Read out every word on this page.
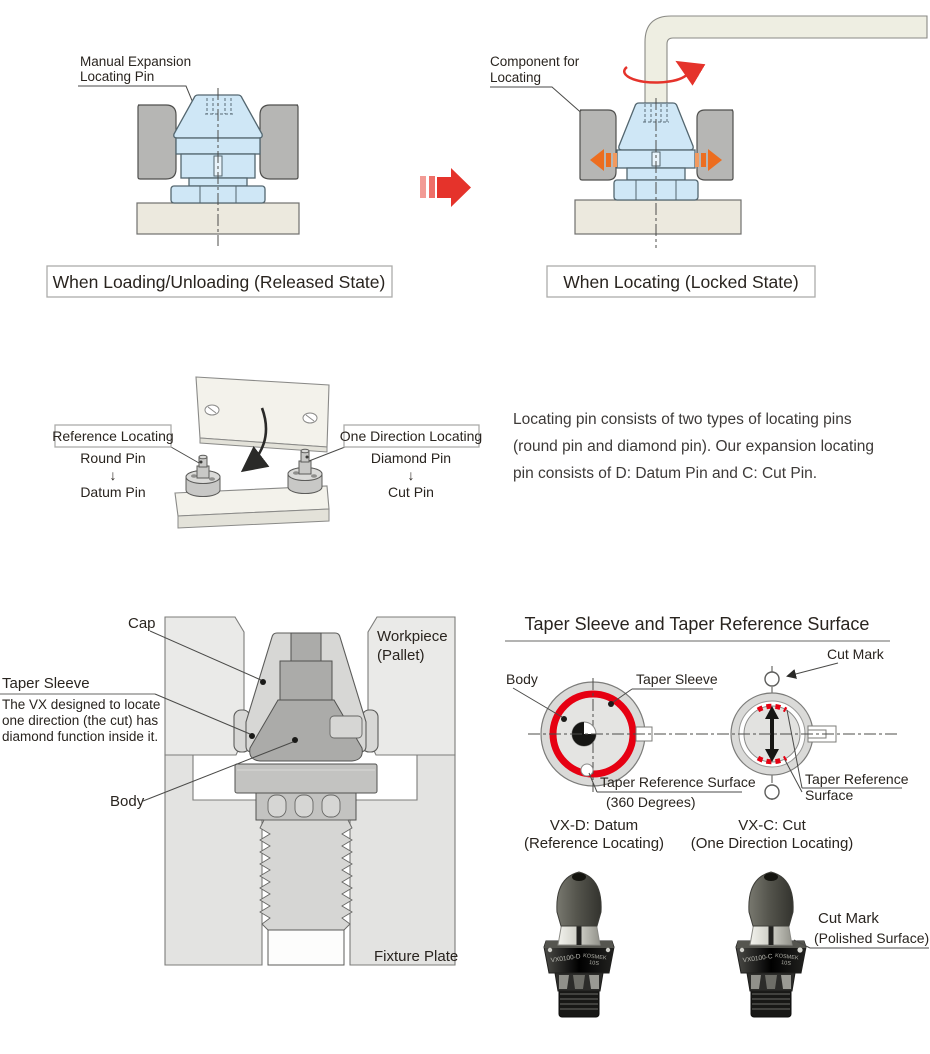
Manual Expansion
Locating Pin
When Loading/Unloading (Released State)
Component for
Locating
When Locating (Locked State)
Reference Locating
Round Pin
↓
Datum Pin
One Direction Locating
Diamond Pin
↓
Cut Pin
Locating pin consists of two types of locating pins
(round pin and diamond pin). Our expansion locating
pin consists of D: Datum Pin and C: Cut Pin.
Cap
Taper Sleeve
The VX designed to locate
one direction (the cut) has
diamond function inside it.
Body
Workpiece
(Pallet)
Fixture Plate
Taper Sleeve and Taper Reference Surface
Body	Taper Sleeve
Cut Mark
Taper Reference Surface
(360 Degrees)
Taper Reference
Surface
VX-D: Datum
(Reference Locating)
VX-C: Cut
(One Direction Locating)
VX0100-D KOSMEK
10S	VX0100-C KOSMEK
10S
Cut Mark
(Polished Surface)
